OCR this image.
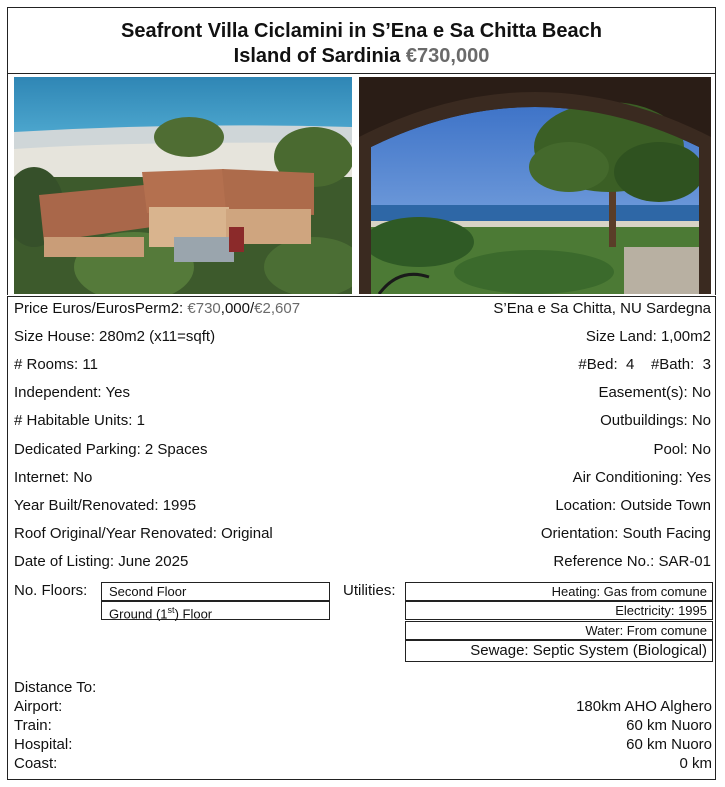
Seafront Villa Ciclamini in S’Ena e Sa Chitta Beach
Island of Sardinia €730,000
Price Euros/EurosPerm2: €730,000/€2,607	S’Ena e Sa Chitta, NU Sardegna
Size House: 280m2 (x11=sqft)	Size Land: 1,00m2
# Rooms: 11	#Bed:  4    #Bath:  3
Independent: Yes	Easement(s): No
# Habitable Units: 1	Outbuildings: No
Dedicated Parking: 2 Spaces	Pool: No
Internet: No	Air Conditioning: Yes
Year Built/Renovated: 1995	Location: Outside Town
Roof Original/Year Renovated: Original	Orientation: South Facing
Date of Listing: June 2025	Reference No.: SAR-01
No. Floors:	Second Floor
Ground (1st) Floor
Utilities:	Heating: Gas from comune
Electricity: 1995
Water: From comune
Sewage: Septic System (Biological)
Distance To:
Airport:	180km AHO Alghero
Train:	60 km Nuoro
Hospital:	60 km Nuoro
Coast:	0 km
